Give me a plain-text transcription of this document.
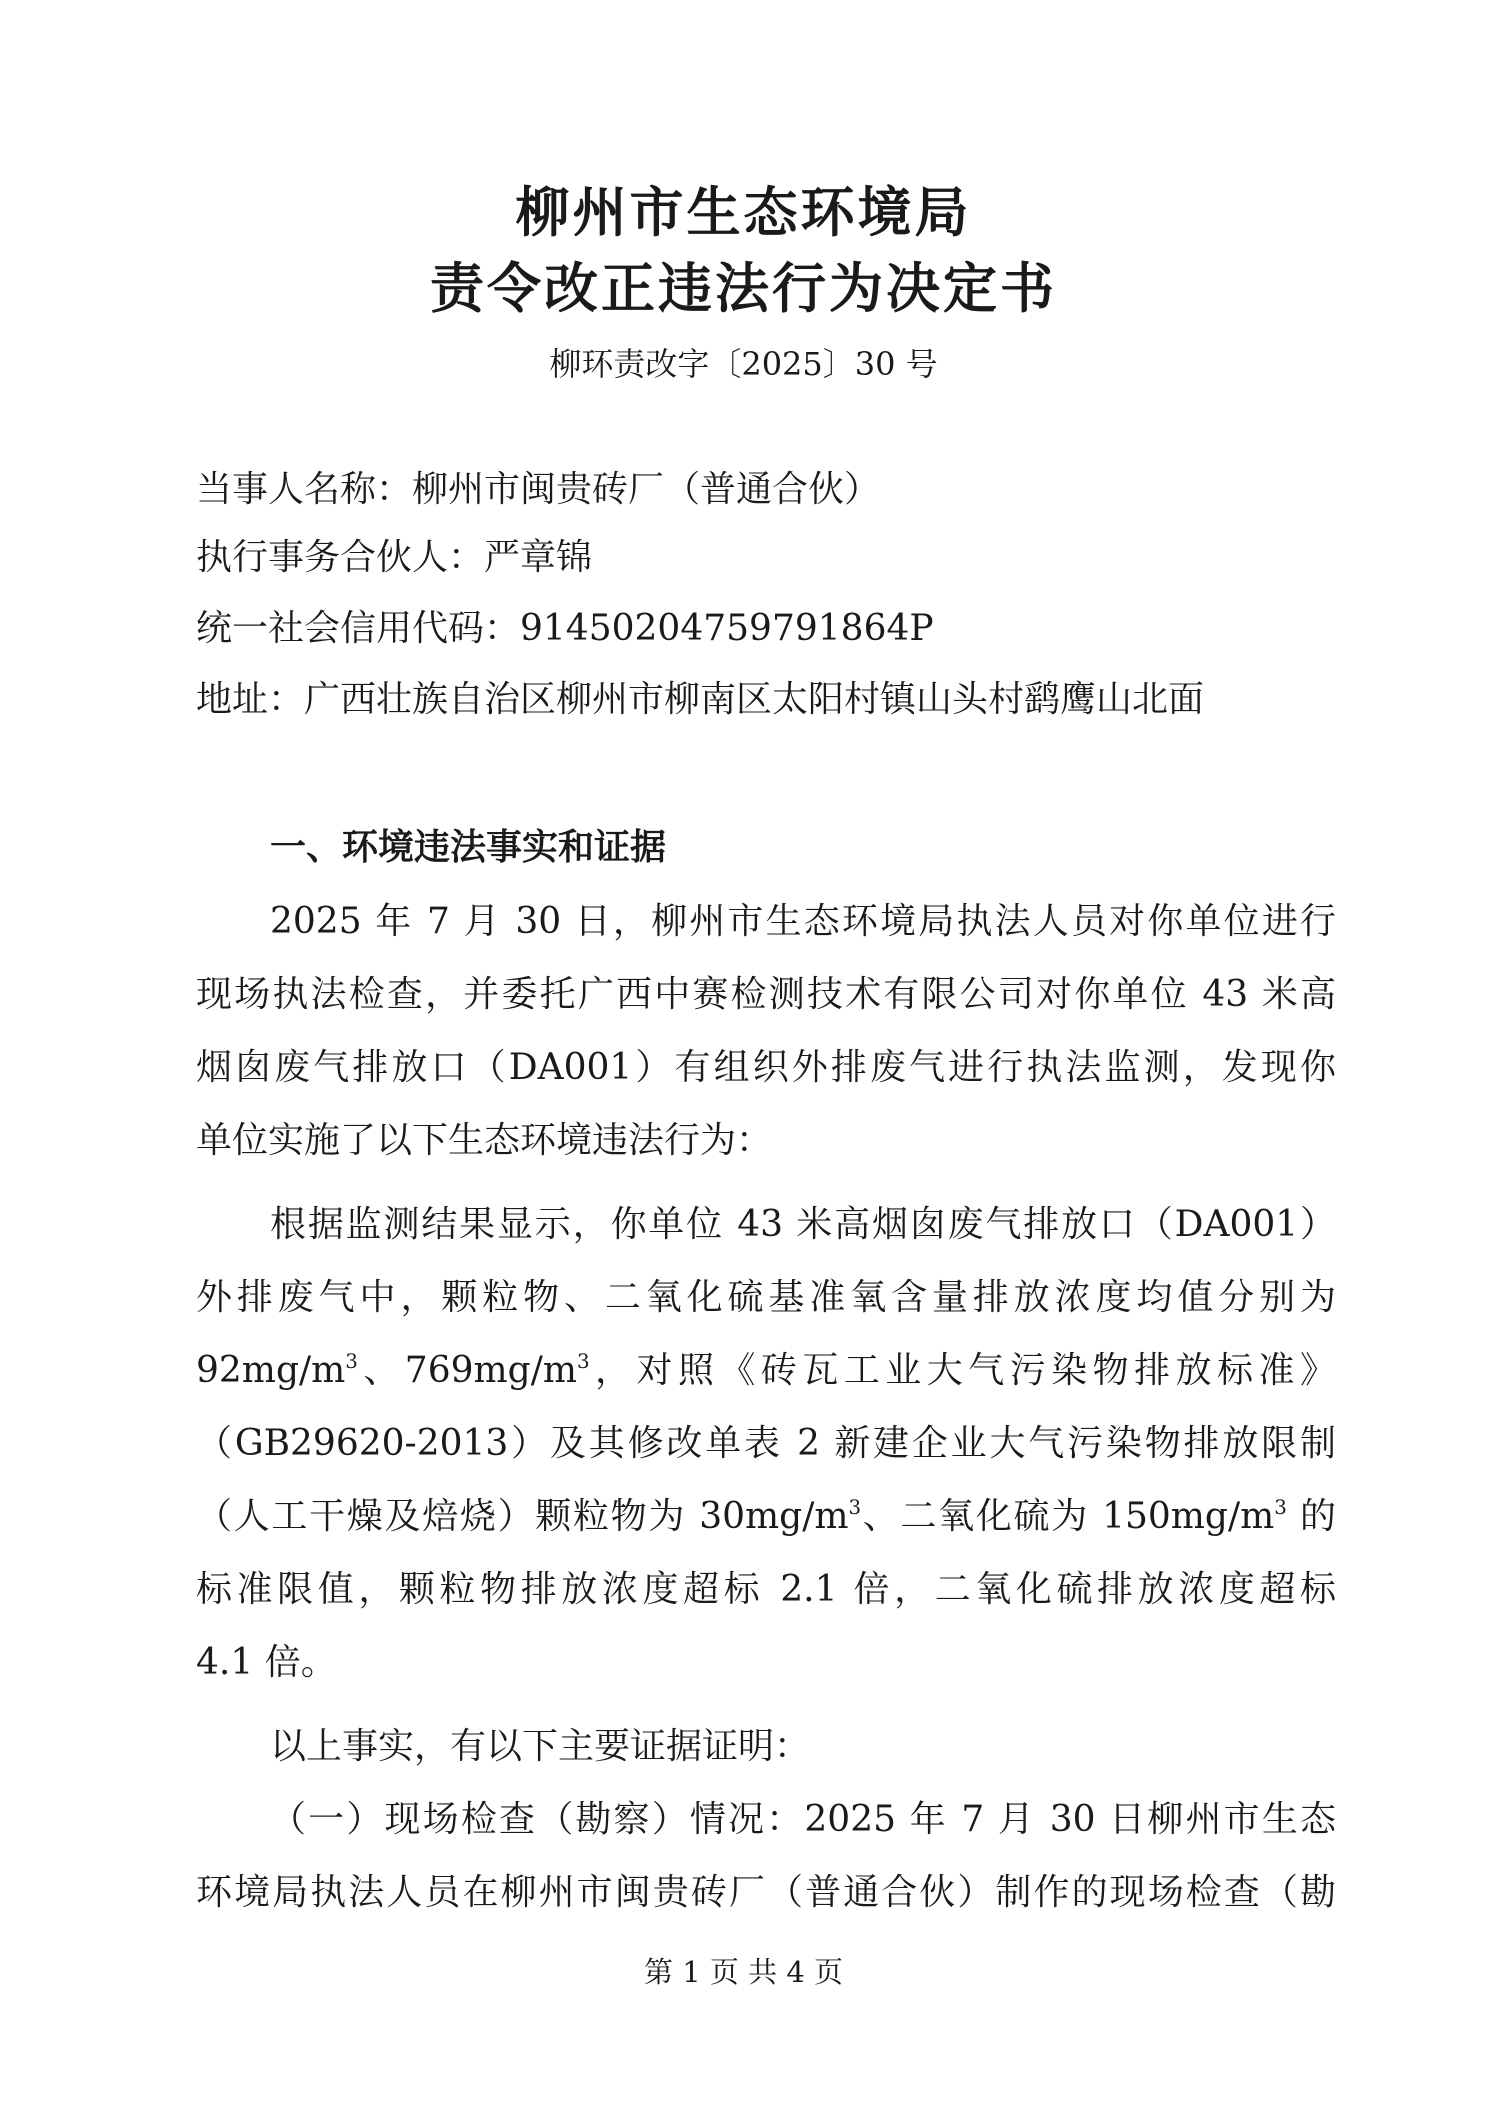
柳州市生态环境局
责令改正违法行为决定书
柳环责改字〔2025〕30 号
当事人名称：柳州市闽贵砖厂（普通合伙）
执行事务合伙人：严章锦
统一社会信用代码：91450204759791864P
地址：广西壮族自治区柳州市柳南区太阳村镇山头村鹞鹰山北面
一、环境违法事实和证据
2025 年 7 月 30 日，柳州市生态环境局执法人员对你单位进行
现场执法检查，并委托广西中赛检测技术有限公司对你单位 43 米高
烟囱废气排放口（DA001）有组织外排废气进行执法监测，发现你
单位实施了以下生态环境违法行为：
根据监测结果显示，你单位 43 米高烟囱废气排放口（DA001）
外排废气中，颗粒物、二氧化硫基准氧含量排放浓度均值分别为
$92mg/m^3$、$769mg/m^3$，对照《砖瓦工业大气污染物排放标准》
（GB29620-2013）及其修改单表 2 新建企业大气污染物排放限制
（人工干燥及焙烧）颗粒物为 $30mg/m^3$、二氧化硫为 $150mg/m^3$ 的
标准限值，颗粒物排放浓度超标 2.1 倍，二氧化硫排放浓度超标
4.1 倍。
以上事实，有以下主要证据证明：
（一）现场检查（勘察）情况：2025 年 7 月 30 日柳州市生态
环境局执法人员在柳州市闽贵砖厂（普通合伙）制作的现场检查（勘
第 1 页 共 4 页
